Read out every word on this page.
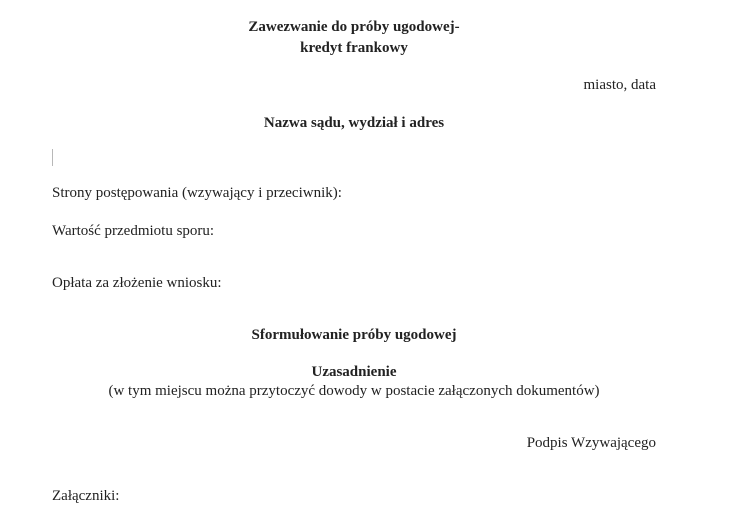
Zawezwanie do próby ugodowej-
kredyt frankowy
miasto, data
Nazwa sądu, wydział i adres
Strony postępowania (wzywający i przeciwnik):
Wartość przedmiotu sporu:
Opłata za złożenie wniosku:
Sformułowanie próby ugodowej
Uzasadnienie
(w tym miejscu można przytoczyć dowody w postacie załączonych dokumentów)
Podpis Wzywającego
Załączniki:
